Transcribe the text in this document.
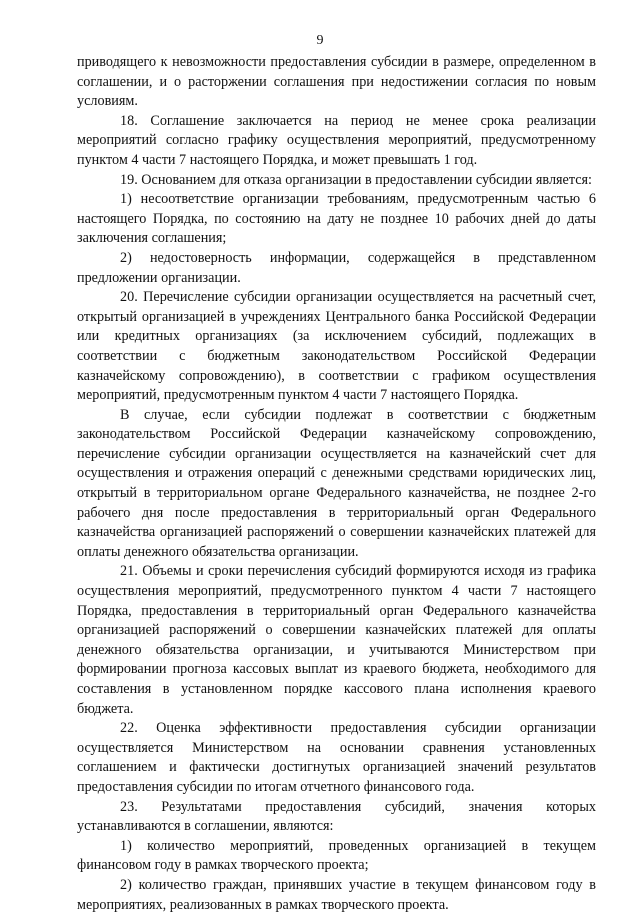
9

приводящего к невозможности предоставления субсидии в размере, определенном в соглашении, и о расторжении соглашения при недостижении согласия по новым условиям.

18. Соглашение заключается на период не менее срока реализации мероприятий согласно графику осуществления мероприятий, предусмотренному пунктом 4 части 7 настоящего Порядка, и может превышать 1 год.

19. Основанием для отказа организации в предоставлении субсидии является:

1) несоответствие организации требованиям, предусмотренным частью 6 настоящего Порядка, по состоянию на дату не позднее 10 рабочих дней до даты заключения соглашения;

2) недостоверность информации, содержащейся в представленном предложении организации.

20. Перечисление субсидии организации осуществляется на расчетный счет, открытый организацией в учреждениях Центрального банка Российской Федерации или кредитных организациях (за исключением субсидий, подлежащих в соответствии с бюджетным законодательством Российской Федерации казначейскому сопровождению), в соответствии с графиком осуществления мероприятий, предусмотренным пунктом 4 части 7 настоящего Порядка.

В случае, если субсидии подлежат в соответствии с бюджетным законодательством Российской Федерации казначейскому сопровождению, перечисление субсидии организации осуществляется на казначейский счет для осуществления и отражения операций с денежными средствами юридических лиц, открытый в территориальном органе Федерального казначейства, не позднее 2-го рабочего дня после предоставления в территориальный орган Федерального казначейства организацией распоряжений о совершении казначейских платежей для оплаты денежного обязательства организации.

21. Объемы и сроки перечисления субсидий формируются исходя из графика осуществления мероприятий, предусмотренного пунктом 4 части 7 настоящего Порядка, предоставления в территориальный орган Федерального казначейства организацией распоряжений о совершении казначейских платежей для оплаты денежного обязательства организации, и учитываются Министерством при формировании прогноза кассовых выплат из краевого бюджета, необходимого для составления в установленном порядке кассового плана исполнения краевого бюджета.

22. Оценка эффективности предоставления субсидии организации осуществляется Министерством на основании сравнения установленных соглашением и фактически достигнутых организацией значений результатов предоставления субсидии по итогам отчетного финансового года.

23. Результатами предоставления субсидий, значения которых устанавливаются в соглашении, являются:

1) количество мероприятий, проведенных организацией в текущем финансовом году в рамках творческого проекта;

2) количество граждан, принявших участие в текущем финансовом году в мероприятиях, реализованных в рамках творческого проекта.
